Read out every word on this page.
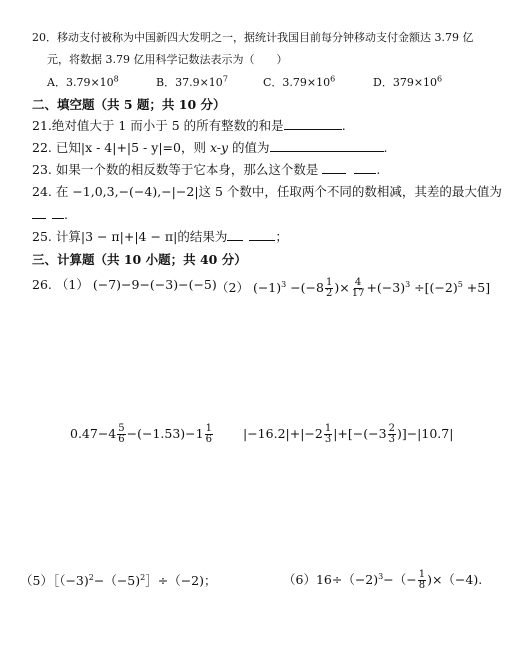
20．移动支付被称为中国新四大发明之一，据统计我国目前每分钟移动支付金额达 3.79 亿
元，将数据 3.79 亿用科学记数法表示为（　　）
A．$3.79\times 10^8$	B．$37.9\times 10^7$	C．$3.79\times 10^6$	D．$379\times 10^6$
二、填空题（共 5 题；共 10 分）
21.绝对值大于 1 而小于 5 的所有整数的和是	.
22. 已知|x - 4|+|5 - y|=0，则 x-y 的值为	.
23. 如果一个数的相反数等于它本身，那么这个数是	.
24. 在 −1,0,3,−(−4),−|−2|这 5 个数中，任取两个不同的数相减，其差的最大值为
.
25. 计算|3 − π|+|4 − π|的结果为	；
三、计算题（共 10 小题；共 40 分）
26. （1） (−7)−9−(−3)−(−5) （2） $(-1)^3 -(-8 \frac{1}{2}$ )× $\frac{4}{17} +(-3)^3 \div[(-2)^5 +5]$
$0.47-4 \frac{5}{6} -(-1.53)-1 \frac{1}{6} |-16.2|+|-2 \frac{1}{3} |+[-(-3 \frac{2}{3} )]-|10.7|$
（5）［（−3)$^2$−（−5)$^2$］÷（−2)；	$(6)16\div(-2)^3-(- \frac{1}{8} )\times(-4)$.
